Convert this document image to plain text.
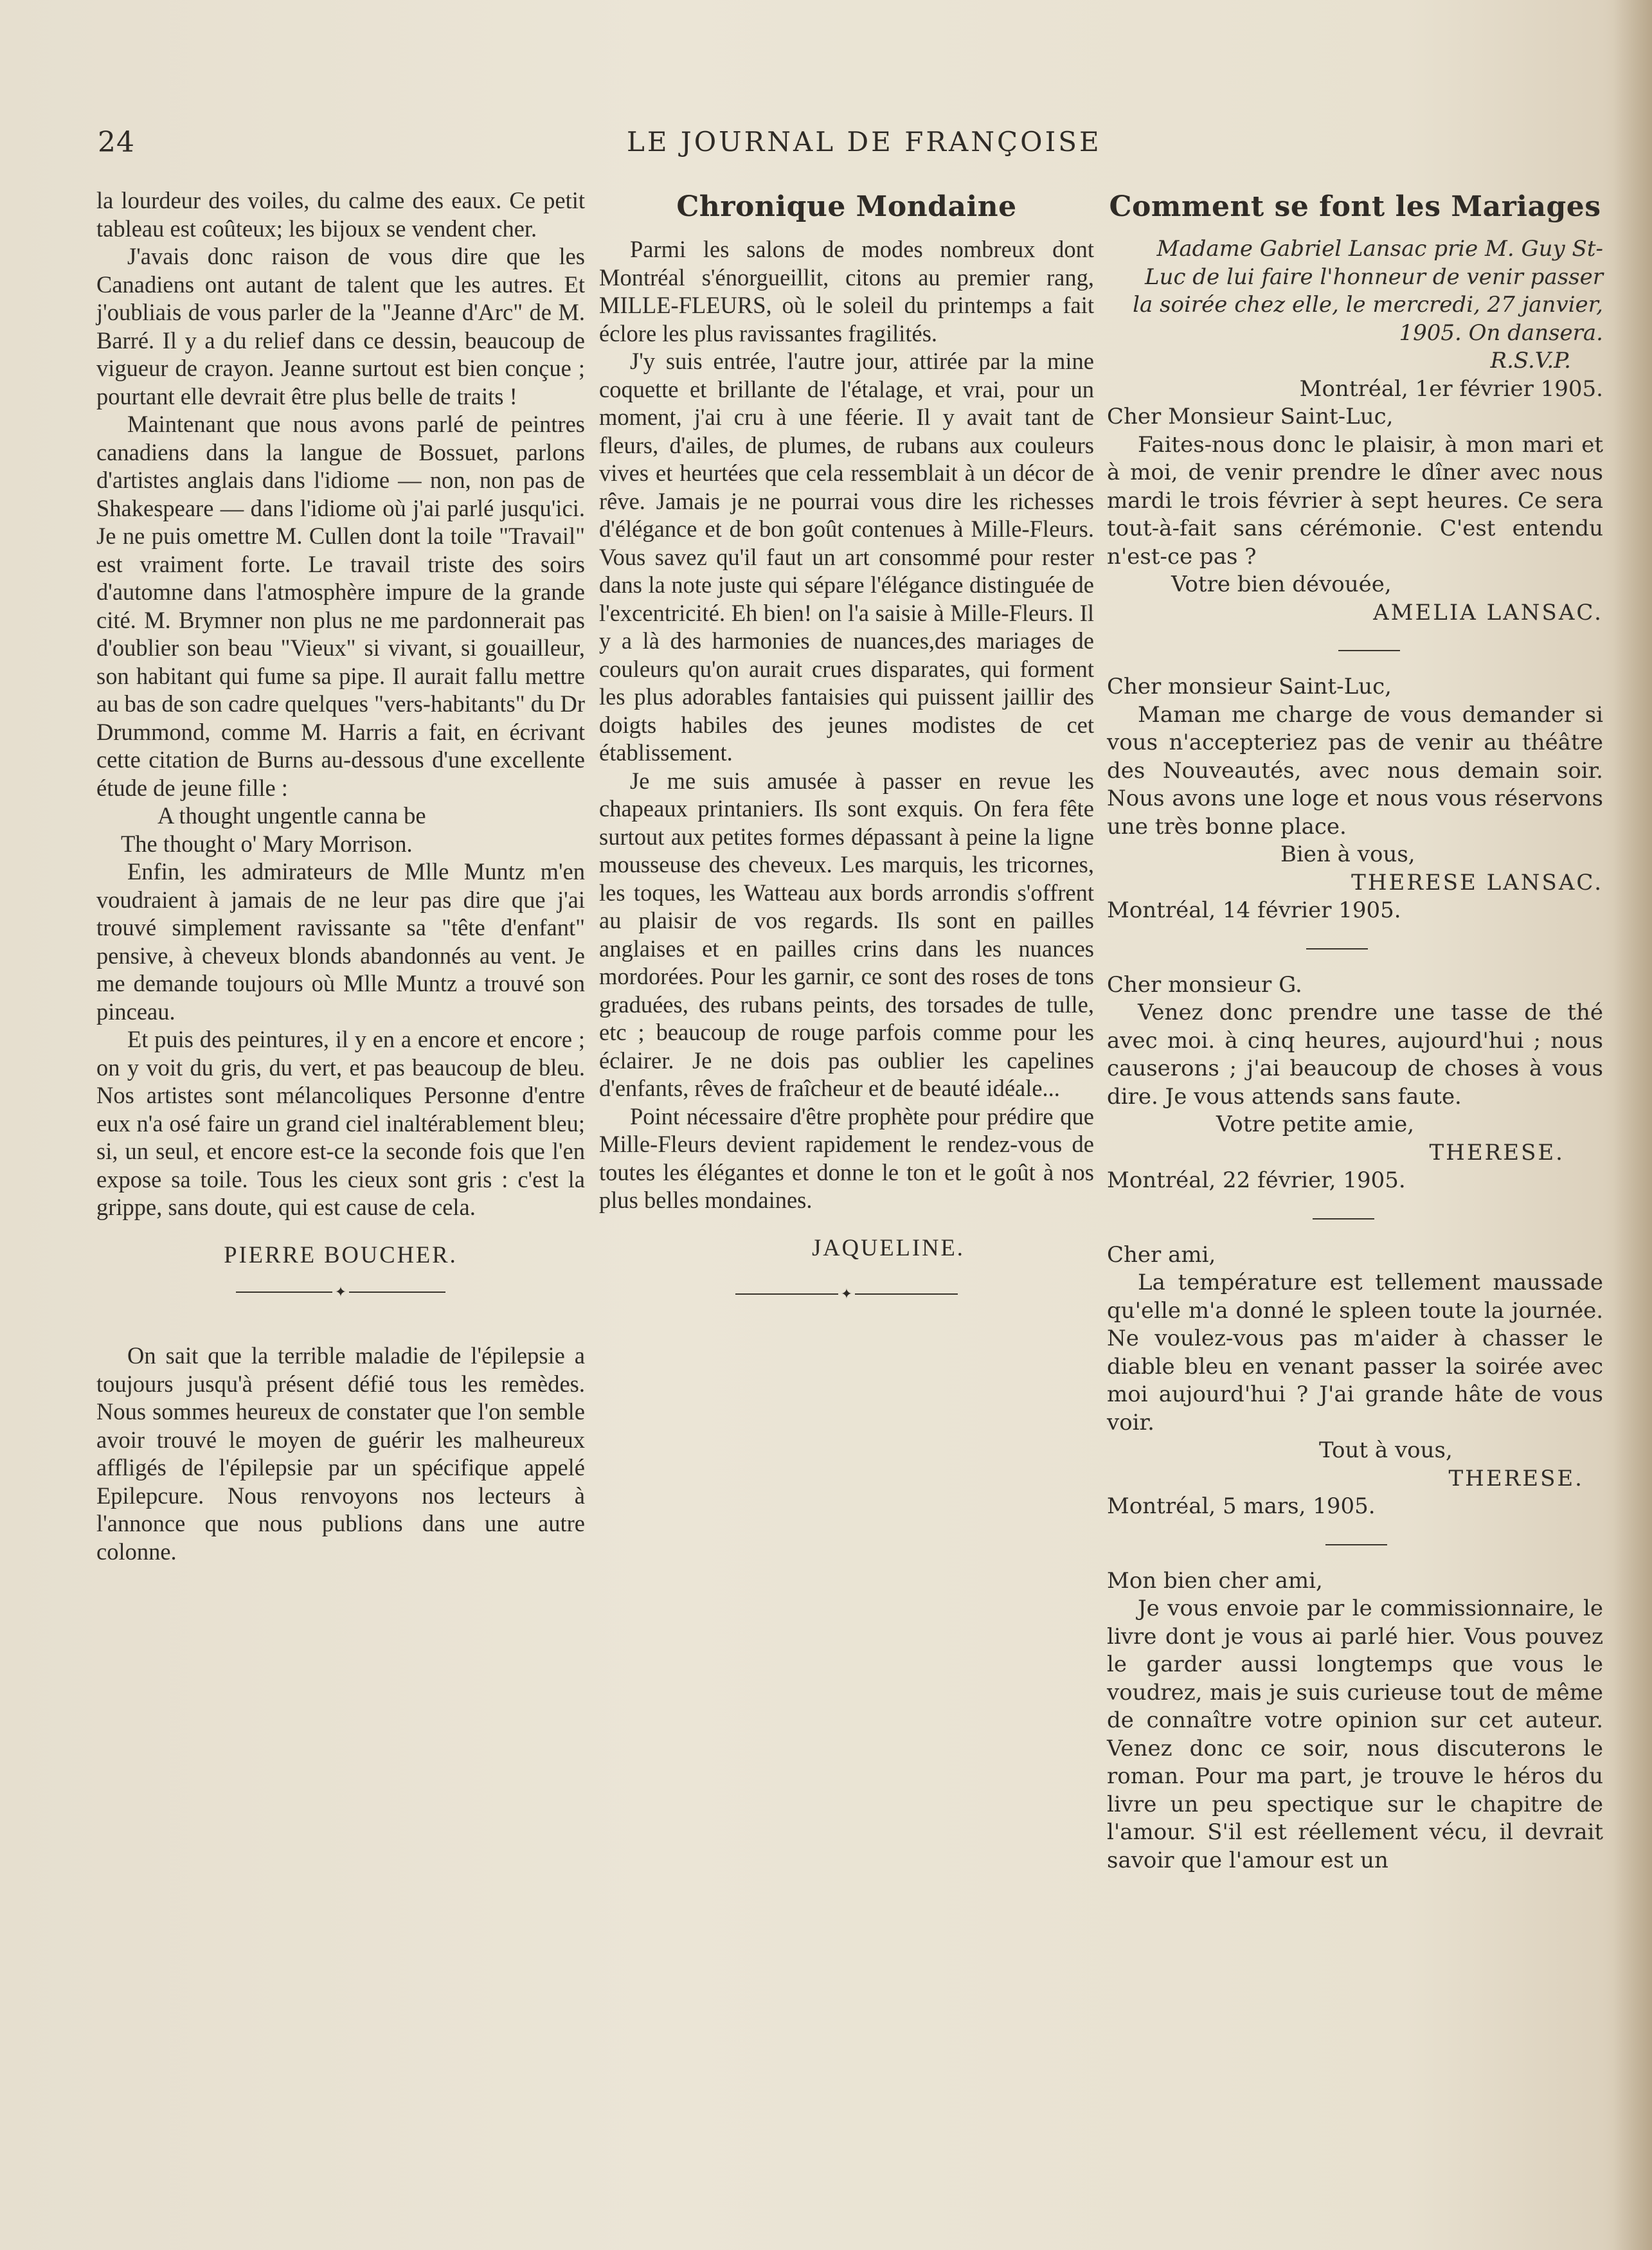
24	LE JOURNAL DE FRANÇOISE

la lourdeur des voiles, du calme des eaux. Ce petit tableau est coûteux; les bijoux se vendent cher.

J'avais donc raison de vous dire que les Canadiens ont autant de talent que les autres. Et j'oubliais de vous parler de la "Jeanne d'Arc" de M. Barré. Il y a du relief dans ce dessin, beaucoup de vigueur de crayon. Jeanne surtout est bien conçue ; pourtant elle devrait être plus belle de traits !

Maintenant que nous avons parlé de peintres canadiens dans la langue de Bossuet, parlons d'artistes anglais dans l'idiome — non, non pas de Shakespeare — dans l'idiome où j'ai parlé jusqu'ici. Je ne puis omettre M. Cullen dont la toile "Travail" est vraiment forte. Le travail triste des soirs d'automne dans l'atmosphère impure de la grande cité. M. Brymner non plus ne me pardonnerait pas d'oublier son beau "Vieux" si vivant, si gouailleur, son habitant qui fume sa pipe. Il aurait fallu mettre au bas de son cadre quelques "vers-habitants" du Dr Drummond, comme M. Harris a fait, en écrivant cette citation de Burns au-dessous d'une excellente étude de jeune fille :

A thought ungentle canna be

The thought o' Mary Morrison.

Enfin, les admirateurs de Mlle Muntz m'en voudraient à jamais de ne leur pas dire que j'ai trouvé simplement ravissante sa "tête d'enfant" pensive, à cheveux blonds abandonnés au vent. Je me demande toujours où Mlle Muntz a trouvé son pinceau.

Et puis des peintures, il y en a encore et encore ; on y voit du gris, du vert, et pas beaucoup de bleu. Nos artistes sont mélancoliques Personne d'entre eux n'a osé faire un grand ciel inaltérablement bleu; si, un seul, et encore est-ce la seconde fois que l'en expose sa toile. Tous les cieux sont gris : c'est la grippe, sans doute, qui est cause de cela.

PIERRE BOUCHER.

✦

On sait que la terrible maladie de l'épilepsie a toujours jusqu'à présent défié tous les remèdes. Nous sommes heureux de constater que l'on semble avoir trouvé le moyen de guérir les malheureux affligés de l'épilepsie par un spécifique appelé Epilepcure. Nous renvoyons nos lecteurs à l'annonce que nous publions dans une autre colonne.

Chronique Mondaine

Parmi les salons de modes nombreux dont Montréal s'énorgueillit, citons au premier rang, MILLE-FLEURS, où le soleil du printemps a fait éclore les plus ravissantes fragilités.

J'y suis entrée, l'autre jour, attirée par la mine coquette et brillante de l'étalage, et vrai, pour un moment, j'ai cru à une féerie. Il y avait tant de fleurs, d'ailes, de plumes, de rubans aux couleurs vives et heurtées que cela ressemblait à un décor de rêve. Jamais je ne pourrai vous dire les richesses d'élégance et de bon goût contenues à Mille-Fleurs. Vous savez qu'il faut un art consommé pour rester dans la note juste qui sépare l'élégance distinguée de l'excentricité. Eh bien! on l'a saisie à Mille-Fleurs. Il y a là des harmonies de nuances,des mariages de couleurs qu'on aurait crues disparates, qui forment les plus adorables fantaisies qui puissent jaillir des doigts habiles des jeunes modistes de cet établissement.

Je me suis amusée à passer en revue les chapeaux printaniers. Ils sont exquis. On fera fête surtout aux petites formes dépassant à peine la ligne mousseuse des cheveux. Les marquis, les tricornes, les toques, les Watteau aux bords arrondis s'offrent au plaisir de vos regards. Ils sont en pailles anglaises et en pailles crins dans les nuances mordorées. Pour les garnir, ce sont des roses de tons graduées, des rubans peints, des torsades de tulle, etc ; beaucoup de rouge parfois comme pour les éclairer. Je ne dois pas oublier les capelines d'enfants, rêves de fraîcheur et de beauté idéale...

Point nécessaire d'être prophète pour prédire que Mille-Fleurs devient rapidement le rendez-vous de toutes les élégantes et donne le ton et le goût à nos plus belles mondaines.

JAQUELINE.

✦
Comment se font les Mariages

Madame Gabriel Lansac prie M. Guy St-Luc de lui faire l'honneur de venir passer la soirée chez elle, le mercredi, 27 janvier, 1905. On dansera.
R.S.V.P.

Montréal, 1er février 1905.

Cher Monsieur Saint-Luc,

Faites-nous donc le plaisir, à mon mari et à moi, de venir prendre le dîner avec nous mardi le trois février à sept heures. Ce sera tout-à-fait sans cérémonie. C'est entendu n'est-ce pas ?

Votre bien dévouée,

AMELIA LANSAC.

Cher monsieur Saint-Luc,

Maman me charge de vous demander si vous n'accepteriez pas de venir au théâtre des Nouveautés, avec nous demain soir. Nous avons une loge et nous vous réservons une très bonne place.

Bien à vous,

THERESE LANSAC.

Montréal, 14 février 1905.

Cher monsieur G.

Venez donc prendre une tasse de thé avec moi. à cinq heures, aujourd'hui ; nous causerons ; j'ai beaucoup de choses à vous dire. Je vous attends sans faute.

Votre petite amie,

THERESE.

Montréal, 22 février, 1905.

Cher ami,

La température est tellement maussade qu'elle m'a donné le spleen toute la journée. Ne voulez-vous pas m'aider à chasser le diable bleu en venant passer la soirée avec moi aujourd'hui ? J'ai grande hâte de vous voir.

Tout à vous,

THERESE.

Montréal, 5 mars, 1905.

Mon bien cher ami,

Je vous envoie par le commissionnaire, le livre dont je vous ai parlé hier. Vous pouvez le garder aussi longtemps que vous le voudrez, mais je suis curieuse tout de même de connaître votre opinion sur cet auteur. Venez donc ce soir, nous discuterons le roman. Pour ma part, je trouve le héros du livre un peu spectique sur le chapitre de l'amour. S'il est réellement vécu, il devrait savoir que l'amour est un
